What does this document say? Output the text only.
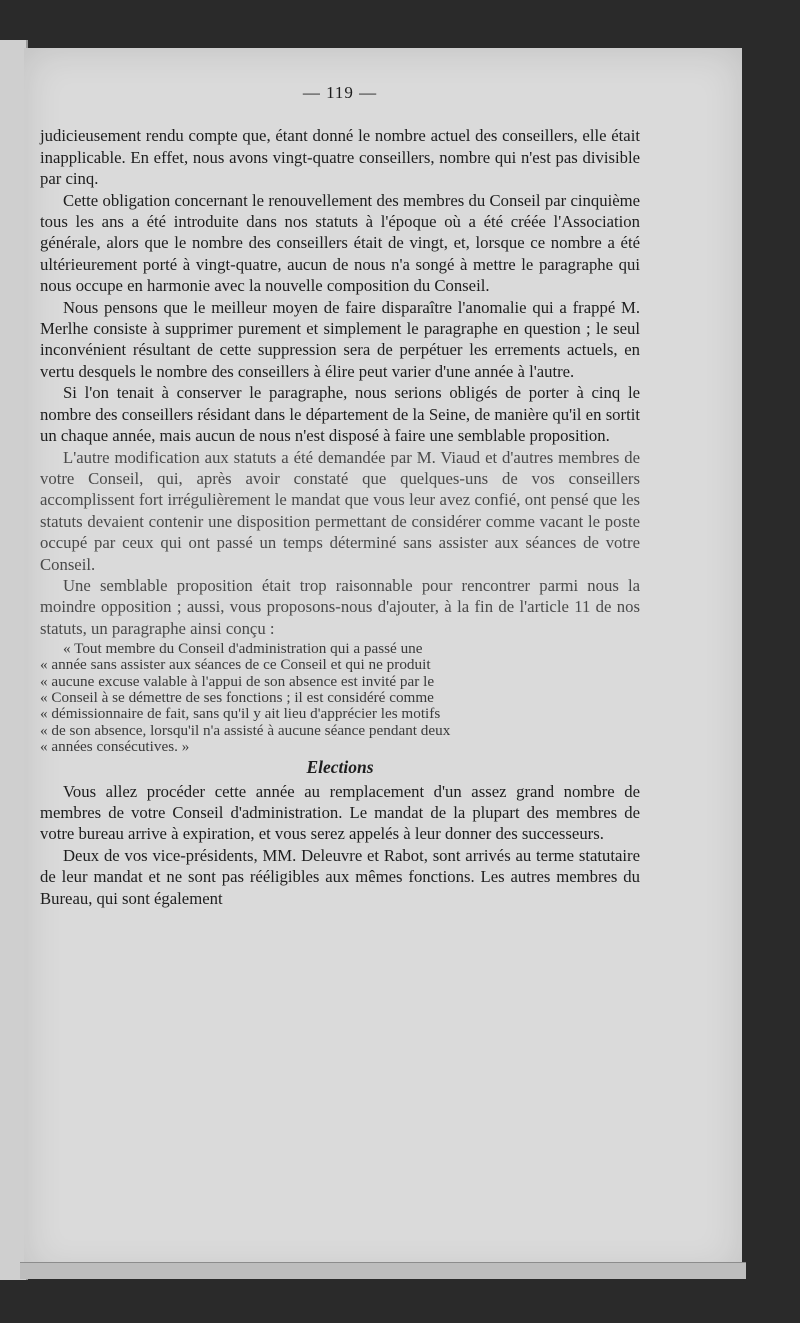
— 119 —

judicieusement rendu compte que, étant donné le nombre actuel des conseillers, elle était inapplicable. En effet, nous avons vingt-quatre conseillers, nombre qui n'est pas divisible par cinq.

Cette obligation concernant le renouvellement des membres du Conseil par cinquième tous les ans a été introduite dans nos statuts à l'époque où a été créée l'Association générale, alors que le nombre des conseillers était de vingt, et, lorsque ce nombre a été ultérieurement porté à vingt-quatre, aucun de nous n'a songé à mettre le paragraphe qui nous occupe en harmonie avec la nouvelle composition du Conseil.

Nous pensons que le meilleur moyen de faire disparaître l'anomalie qui a frappé M. Merlhe consiste à supprimer purement et simplement le paragraphe en question ; le seul inconvénient résultant de cette suppression sera de perpétuer les errements actuels, en vertu desquels le nombre des conseillers à élire peut varier d'une année à l'autre.

Si l'on tenait à conserver le paragraphe, nous serions obligés de porter à cinq le nombre des conseillers résidant dans le département de la Seine, de manière qu'il en sortit un chaque année, mais aucun de nous n'est disposé à faire une semblable proposition.

L'autre modification aux statuts a été demandée par M. Viaud et d'autres membres de votre Conseil, qui, après avoir constaté que quelques-uns de vos conseillers accomplissent fort irrégulièrement le mandat que vous leur avez confié, ont pensé que les statuts devaient contenir une disposition permettant de considérer comme vacant le poste occupé par ceux qui ont passé un temps déterminé sans assister aux séances de votre Conseil.

Une semblable proposition était trop raisonnable pour rencontrer parmi nous la moindre opposition ; aussi, vous proposons-nous d'ajouter, à la fin de l'article 11 de nos statuts, un paragraphe ainsi conçu :

« Tout membre du Conseil d'administration qui a passé une
« année sans assister aux séances de ce Conseil et qui ne produit
« aucune excuse valable à l'appui de son absence est invité par le
« Conseil à se démettre de ses fonctions ; il est considéré comme
« démissionnaire de fait, sans qu'il y ait lieu d'apprécier les motifs
« de son absence, lorsqu'il n'a assisté à aucune séance pendant deux
« années consécutives. »

Elections

Vous allez procéder cette année au remplacement d'un assez grand nombre de membres de votre Conseil d'administration. Le mandat de la plupart des membres de votre bureau arrive à expiration, et vous serez appelés à leur donner des successeurs.

Deux de vos vice-présidents, MM. Deleuvre et Rabot, sont arrivés au terme statutaire de leur mandat et ne sont pas rééligibles aux mêmes fonctions. Les autres membres du Bureau, qui sont également
